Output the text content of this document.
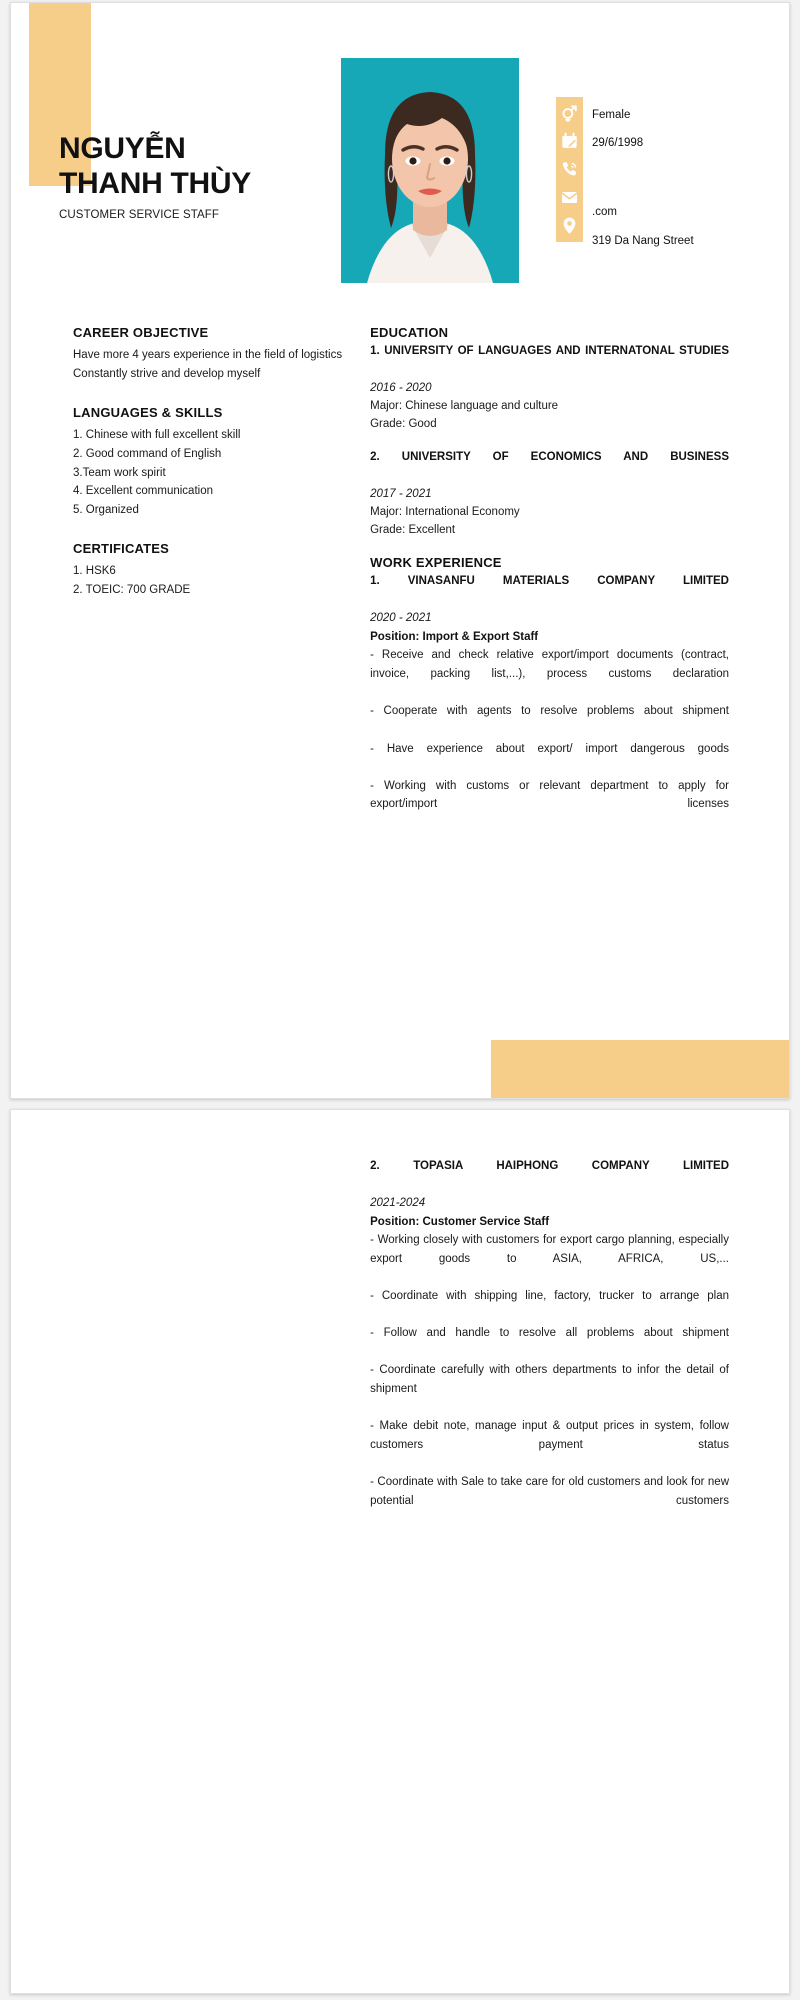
NGUYỄN
THANH THÙY
CUSTOMER SERVICE STAFF
Female
29/6/1998
.com
319 Da Nang Street
CAREER OBJECTIVE

Have more 4 years experience in the field of logistics

Constantly strive and develop myself

LANGUAGES & SKILLS
1. Chinese with full excellent skill
2. Good command of English
3.Team work spirit
4. Excellent communication
5. Organized
CERTIFICATES
1. HSK6
2. TOEIC: 700 GRADE
EDUCATION

1. UNIVERSITY OF LANGUAGES AND INTERNATONAL STUDIES

2016 - 2020

Major: Chinese language and culture

Grade: Good

2. UNIVERSITY OF ECONOMICS AND BUSINESS

2017 - 2021

Major: International Economy

Grade: Excellent

WORK EXPERIENCE

1. VINASANFU MATERIALS COMPANY LIMITED

2020 - 2021

Position: Import & Export Staff

- Receive and check relative export/import documents (contract, invoice, packing list,...), process customs declaration

- Cooperate with agents to resolve problems about shipment

- Have experience about export/ import dangerous goods

- Working with customs or relevant department to apply for export/import licenses

2. TOPASIA HAIPHONG COMPANY LIMITED

2021-2024

Position: Customer Service Staff

- Working closely with customers for export cargo planning, especially export goods to ASIA, AFRICA, US,...

- Coordinate with shipping line, factory, trucker to arrange plan

- Follow and handle to resolve all problems about shipment

- Coordinate carefully with others departments to infor the detail of shipment

- Make debit note, manage input & output prices in system, follow customers payment status

- Coordinate with Sale to take care for old customers and look for new potential customers
